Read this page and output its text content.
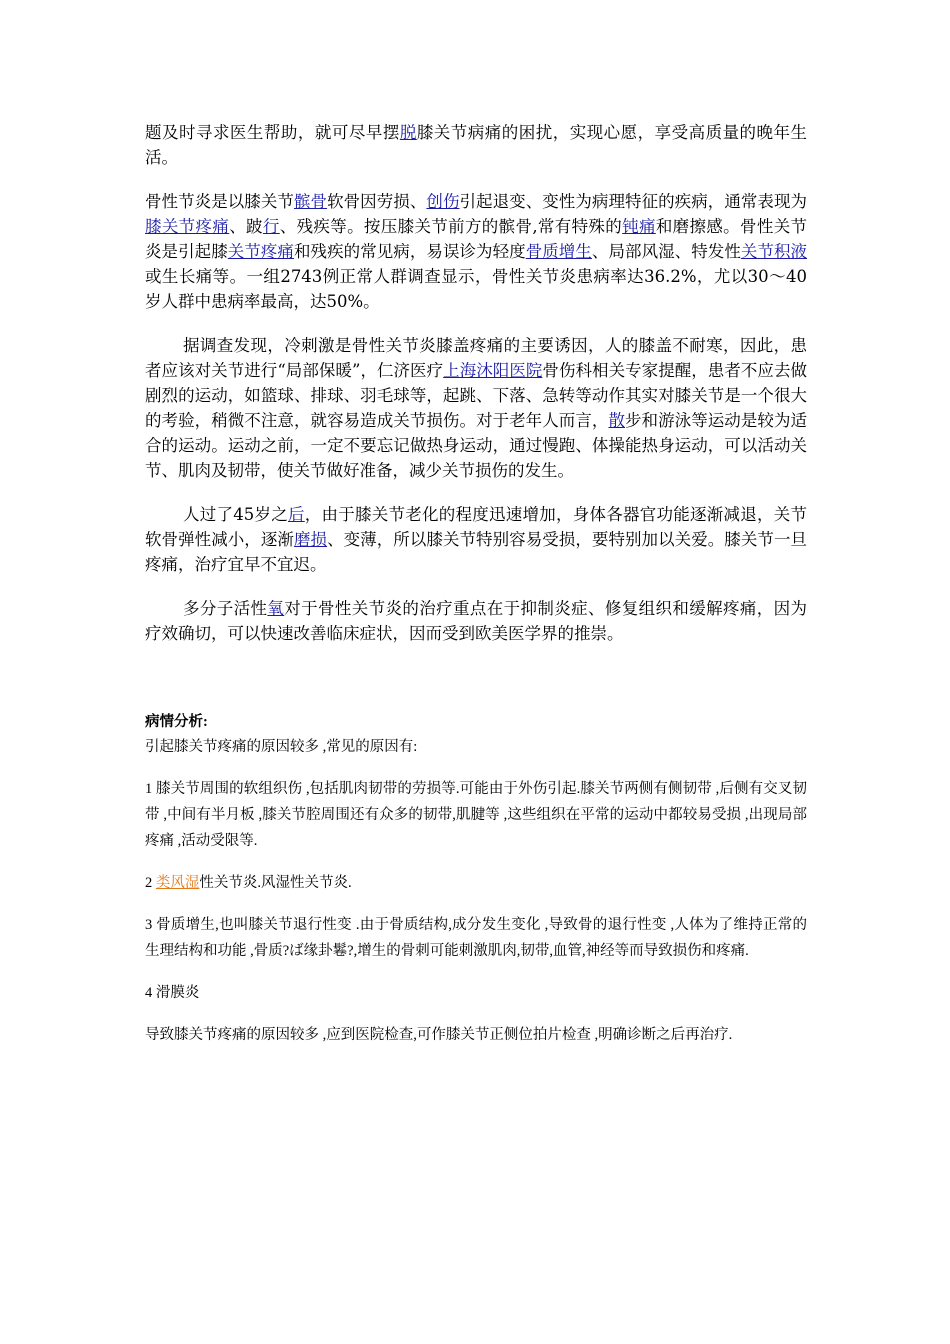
题及时寻求医生帮助，就可尽早摆脱膝关节病痛的困扰，实现心愿，享受高质量的晚年生活。

骨性节炎是以膝关节髌骨软骨因劳损、创伤引起退变、变性为病理特征的疾病，通常表现为膝关节疼痛、跛行、残疾等。按压膝关节前方的髌骨,常有特殊的钝痛和磨擦感。骨性关节炎是引起膝关节疼痛和残疾的常见病，易误诊为轻度骨质增生、局部风湿、特发性关节积液或生长痛等。一组2743例正常人群调查显示，骨性关节炎患病率达36.2%，尤以30～40岁人群中患病率最高，达50%。

据调查发现，冷刺激是骨性关节炎膝盖疼痛的主要诱因，人的膝盖不耐寒，因此，患者应该对关节进行“局部保暖”，仁济医疗上海沐阳医院骨伤科相关专家提醒，患者不应去做剧烈的运动，如篮球、排球、羽毛球等，起跳、下落、急转等动作其实对膝关节是一个很大的考验，稍微不注意，就容易造成关节损伤。对于老年人而言，散步和游泳等运动是较为适合的运动。运动之前，一定不要忘记做热身运动，通过慢跑、体操能热身运动，可以活动关节、肌肉及韧带，使关节做好准备，减少关节损伤的发生。

人过了45岁之后，由于膝关节老化的程度迅速增加，身体各器官功能逐渐减退，关节软骨弹性减小，逐渐磨损、变薄，所以膝关节特别容易受损，要特别加以关爱。膝关节一旦疼痛，治疗宜早不宜迟。

多分子活性氧对于骨性关节炎的治疗重点在于抑制炎症、修复组织和缓解疼痛，因为疗效确切，可以快速改善临床症状，因而受到欧美医学界的推崇。

病情分析:

引起膝关节疼痛的原因较多 ,常见的原因有:

1 膝关节周围的软组织伤 ,包括肌肉韧带的劳损等.可能由于外伤引起.膝关节两侧有侧韧带 ,后侧有交叉韧带 ,中间有半月板 ,膝关节腔周围还有众多的韧带,肌腱等 ,这些组织在平常的运动中都较易受损 ,出现局部疼痛 ,活动受限等.

2 类风湿性关节炎.风湿性关节炎.

3 骨质增生,也叫膝关节退行性变 .由于骨质结构,成分发生变化 ,导致骨的退行性变 ,人体为了维持正常的生理结构和功能 ,骨质?ば缘卦鬈?,增生的骨刺可能刺激肌肉,韧带,血管,神经等而导致损伤和疼痛.

4 滑膜炎

导致膝关节疼痛的原因较多 ,应到医院检查,可作膝关节正侧位拍片检查 ,明确诊断之后再治疗.
